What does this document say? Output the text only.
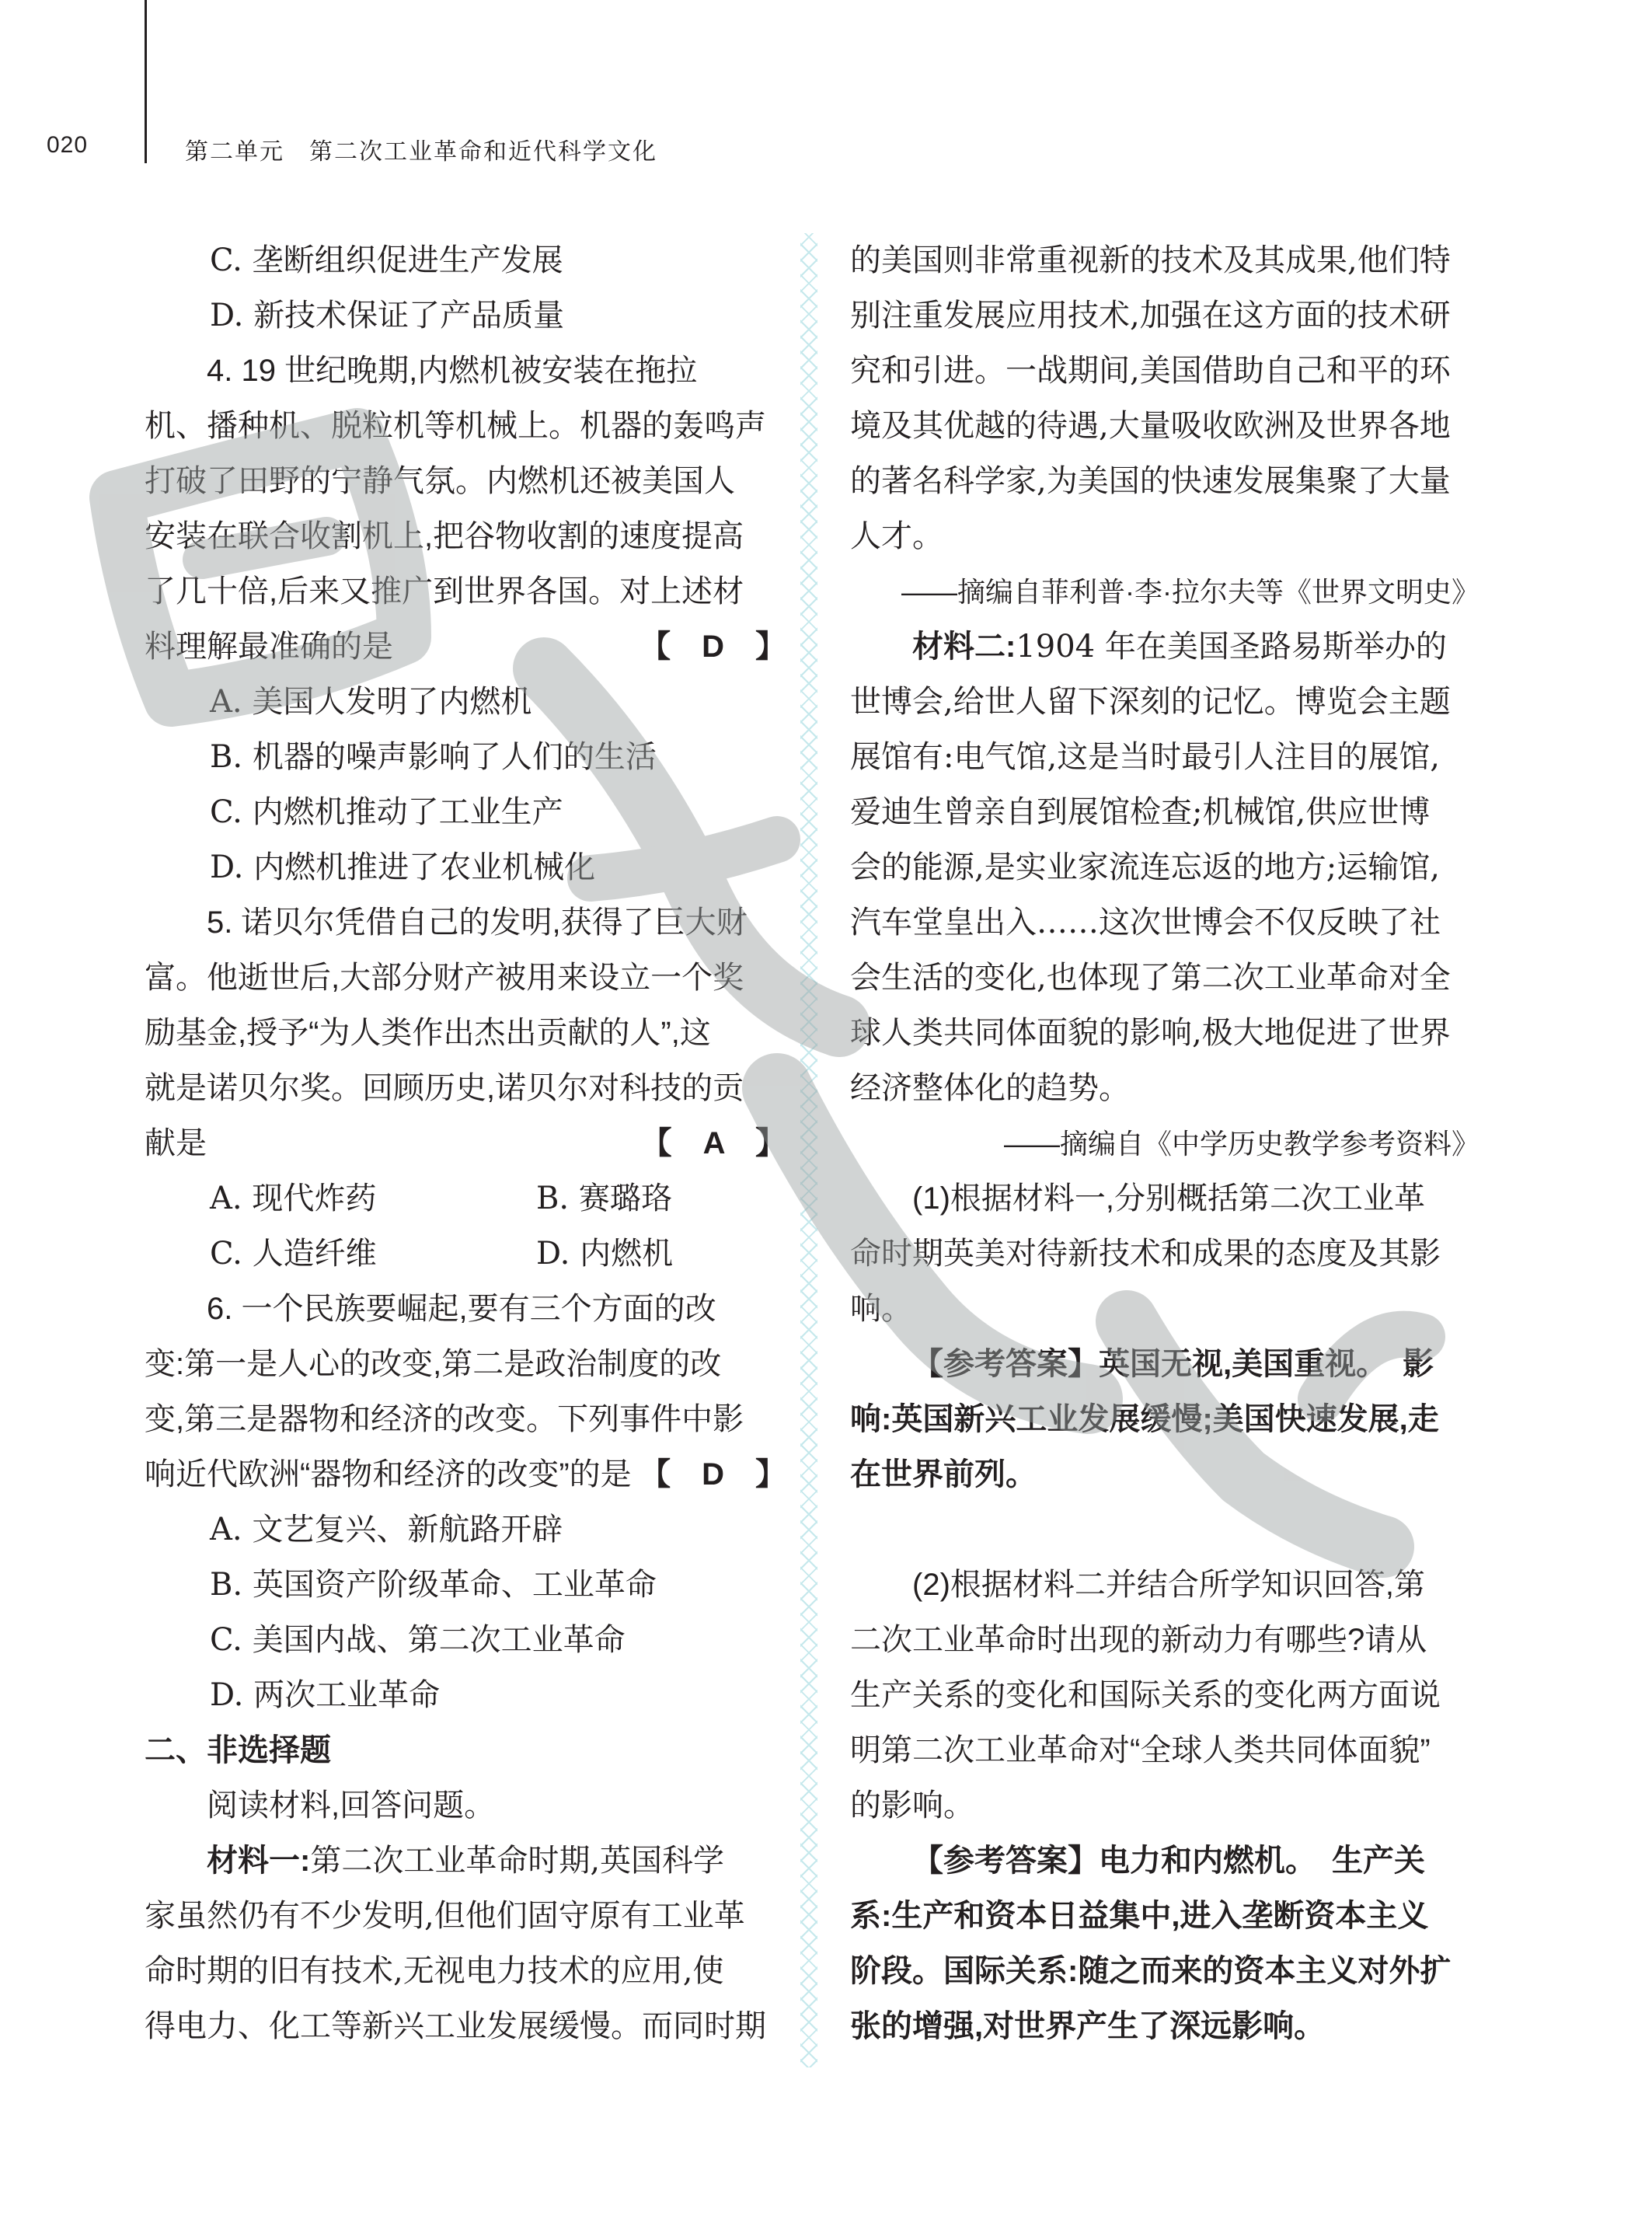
020	第二单元　第二次工业革命和近代科学文化
C. 垄断组织促进生产发展
D. 新技术保证了产品质量
4. 19 世纪晚期,内燃机被安装在拖拉
机、播种机、脱粒机等机械上。机器的轰鸣声
打破了田野的宁静气氛。内燃机还被美国人
安装在联合收割机上,把谷物收割的速度提高
了几十倍,后来又推广到世界各国。对上述材
料理解最准确的是	【　D　】
A. 美国人发明了内燃机
B. 机器的噪声影响了人们的生活
C. 内燃机推动了工业生产
D. 内燃机推进了农业机械化
5. 诺贝尔凭借自己的发明,获得了巨大财
富。他逝世后,大部分财产被用来设立一个奖
励基金,授予“为人类作出杰出贡献的人”,这
就是诺贝尔奖。回顾历史,诺贝尔对科技的贡
献是	【　A　】
A. 现代炸药	B. 赛璐珞
C. 人造纤维	D. 内燃机
6. 一个民族要崛起,要有三个方面的改
变:第一是人心的改变,第二是政治制度的改
变,第三是器物和经济的改变。下列事件中影
响近代欧洲“器物和经济的改变”的是 【　D　】
A. 文艺复兴、新航路开辟
B. 英国资产阶级革命、工业革命
C. 美国内战、第二次工业革命
D. 两次工业革命
二、非选择题
阅读材料,回答问题。
材料一:第二次工业革命时期,英国科学
家虽然仍有不少发明,但他们固守原有工业革
命时期的旧有技术,无视电力技术的应用,使
得电力、化工等新兴工业发展缓慢。而同时期
的美国则非常重视新的技术及其成果,他们特
别注重发展应用技术,加强在这方面的技术研
究和引进。一战期间,美国借助自己和平的环
境及其优越的待遇,大量吸收欧洲及世界各地
的著名科学家,为美国的快速发展集聚了大量
人才。
——摘编自菲利普·李·拉尔夫等《世界文明史》
材料二:1904 年在美国圣路易斯举办的
世博会,给世人留下深刻的记忆。博览会主题
展馆有:电气馆,这是当时最引人注目的展馆,
爱迪生曾亲自到展馆检查;机械馆,供应世博
会的能源,是实业家流连忘返的地方;运输馆,
汽车堂皇出入……这次世博会不仅反映了社
会生活的变化,也体现了第二次工业革命对全
球人类共同体面貌的影响,极大地促进了世界
经济整体化的趋势。
——摘编自《中学历史教学参考资料》
(1)根据材料一,分别概括第二次工业革
命时期英美对待新技术和成果的态度及其影
响。
【参考答案】英国无视,美国重视。　影
响:英国新兴工业发展缓慢;美国快速发展,走
在世界前列。
(2)根据材料二并结合所学知识回答,第
二次工业革命时出现的新动力有哪些?请从
生产关系的变化和国际关系的变化两方面说
明第二次工业革命对“全球人类共同体面貌”
的影响。
【参考答案】电力和内燃机。　生产关
系:生产和资本日益集中,进入垄断资本主义
阶段。国际关系:随之而来的资本主义对外扩
张的增强,对世界产生了深远影响。
